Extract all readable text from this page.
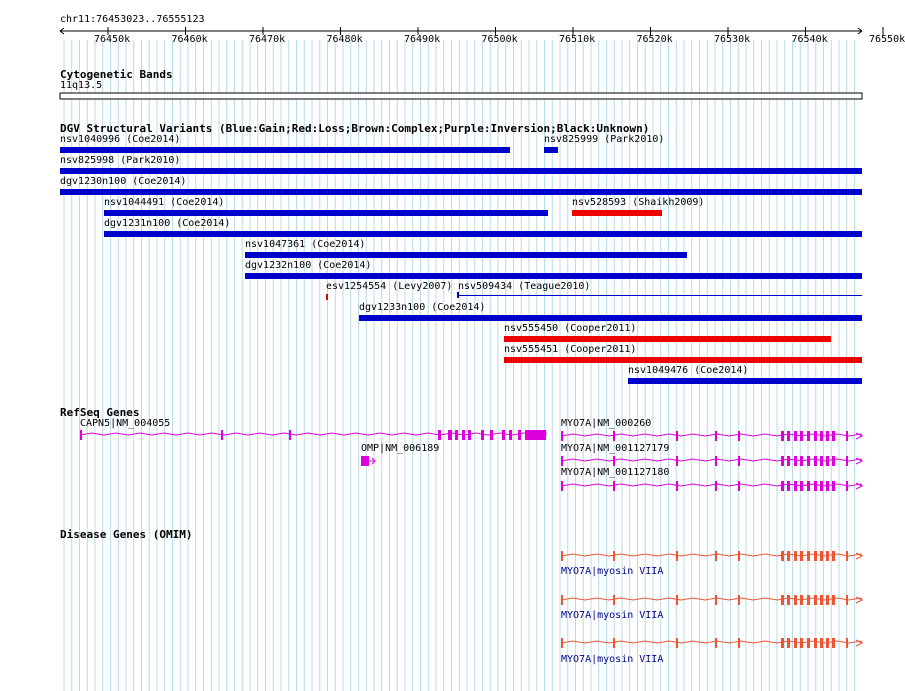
chr11:76453023..76555123
76450k	76460k	76470k	76480k	76490k	76500k	76510k	76520k	76530k	76540k	76550k
Cytogenetic Bands
11q13.5
DGV Structural Variants (Blue:Gain;Red:Loss;Brown:Complex;Purple:Inversion;Black:Unknown)
nsv1040996 (Coe2014)	nsv825999 (Park2010)
nsv825998 (Park2010)
dgv1230n100 (Coe2014)
nsv1044491 (Coe2014)	nsv528593 (Shaikh2009)
dgv1231n100 (Coe2014)
nsv1047361 (Coe2014)
dgv1232n100 (Coe2014)
esv1254554 (Levy2007) nsv509434 (Teague2010)
dgv1233n100 (Coe2014)
nsv555450 (Cooper2011)
nsv555451 (Cooper2011)
nsv1049476 (Coe2014)
RefSeq Genes
CAPN5|NM_004055
OMP|NM_006189
MYO7A|NM_000260
MYO7A|NM_001127179
MYO7A|NM_001127180
Disease Genes (OMIM)
MYO7A|myosin VIIA
MYO7A|myosin VIIA
MYO7A|myosin VIIA
